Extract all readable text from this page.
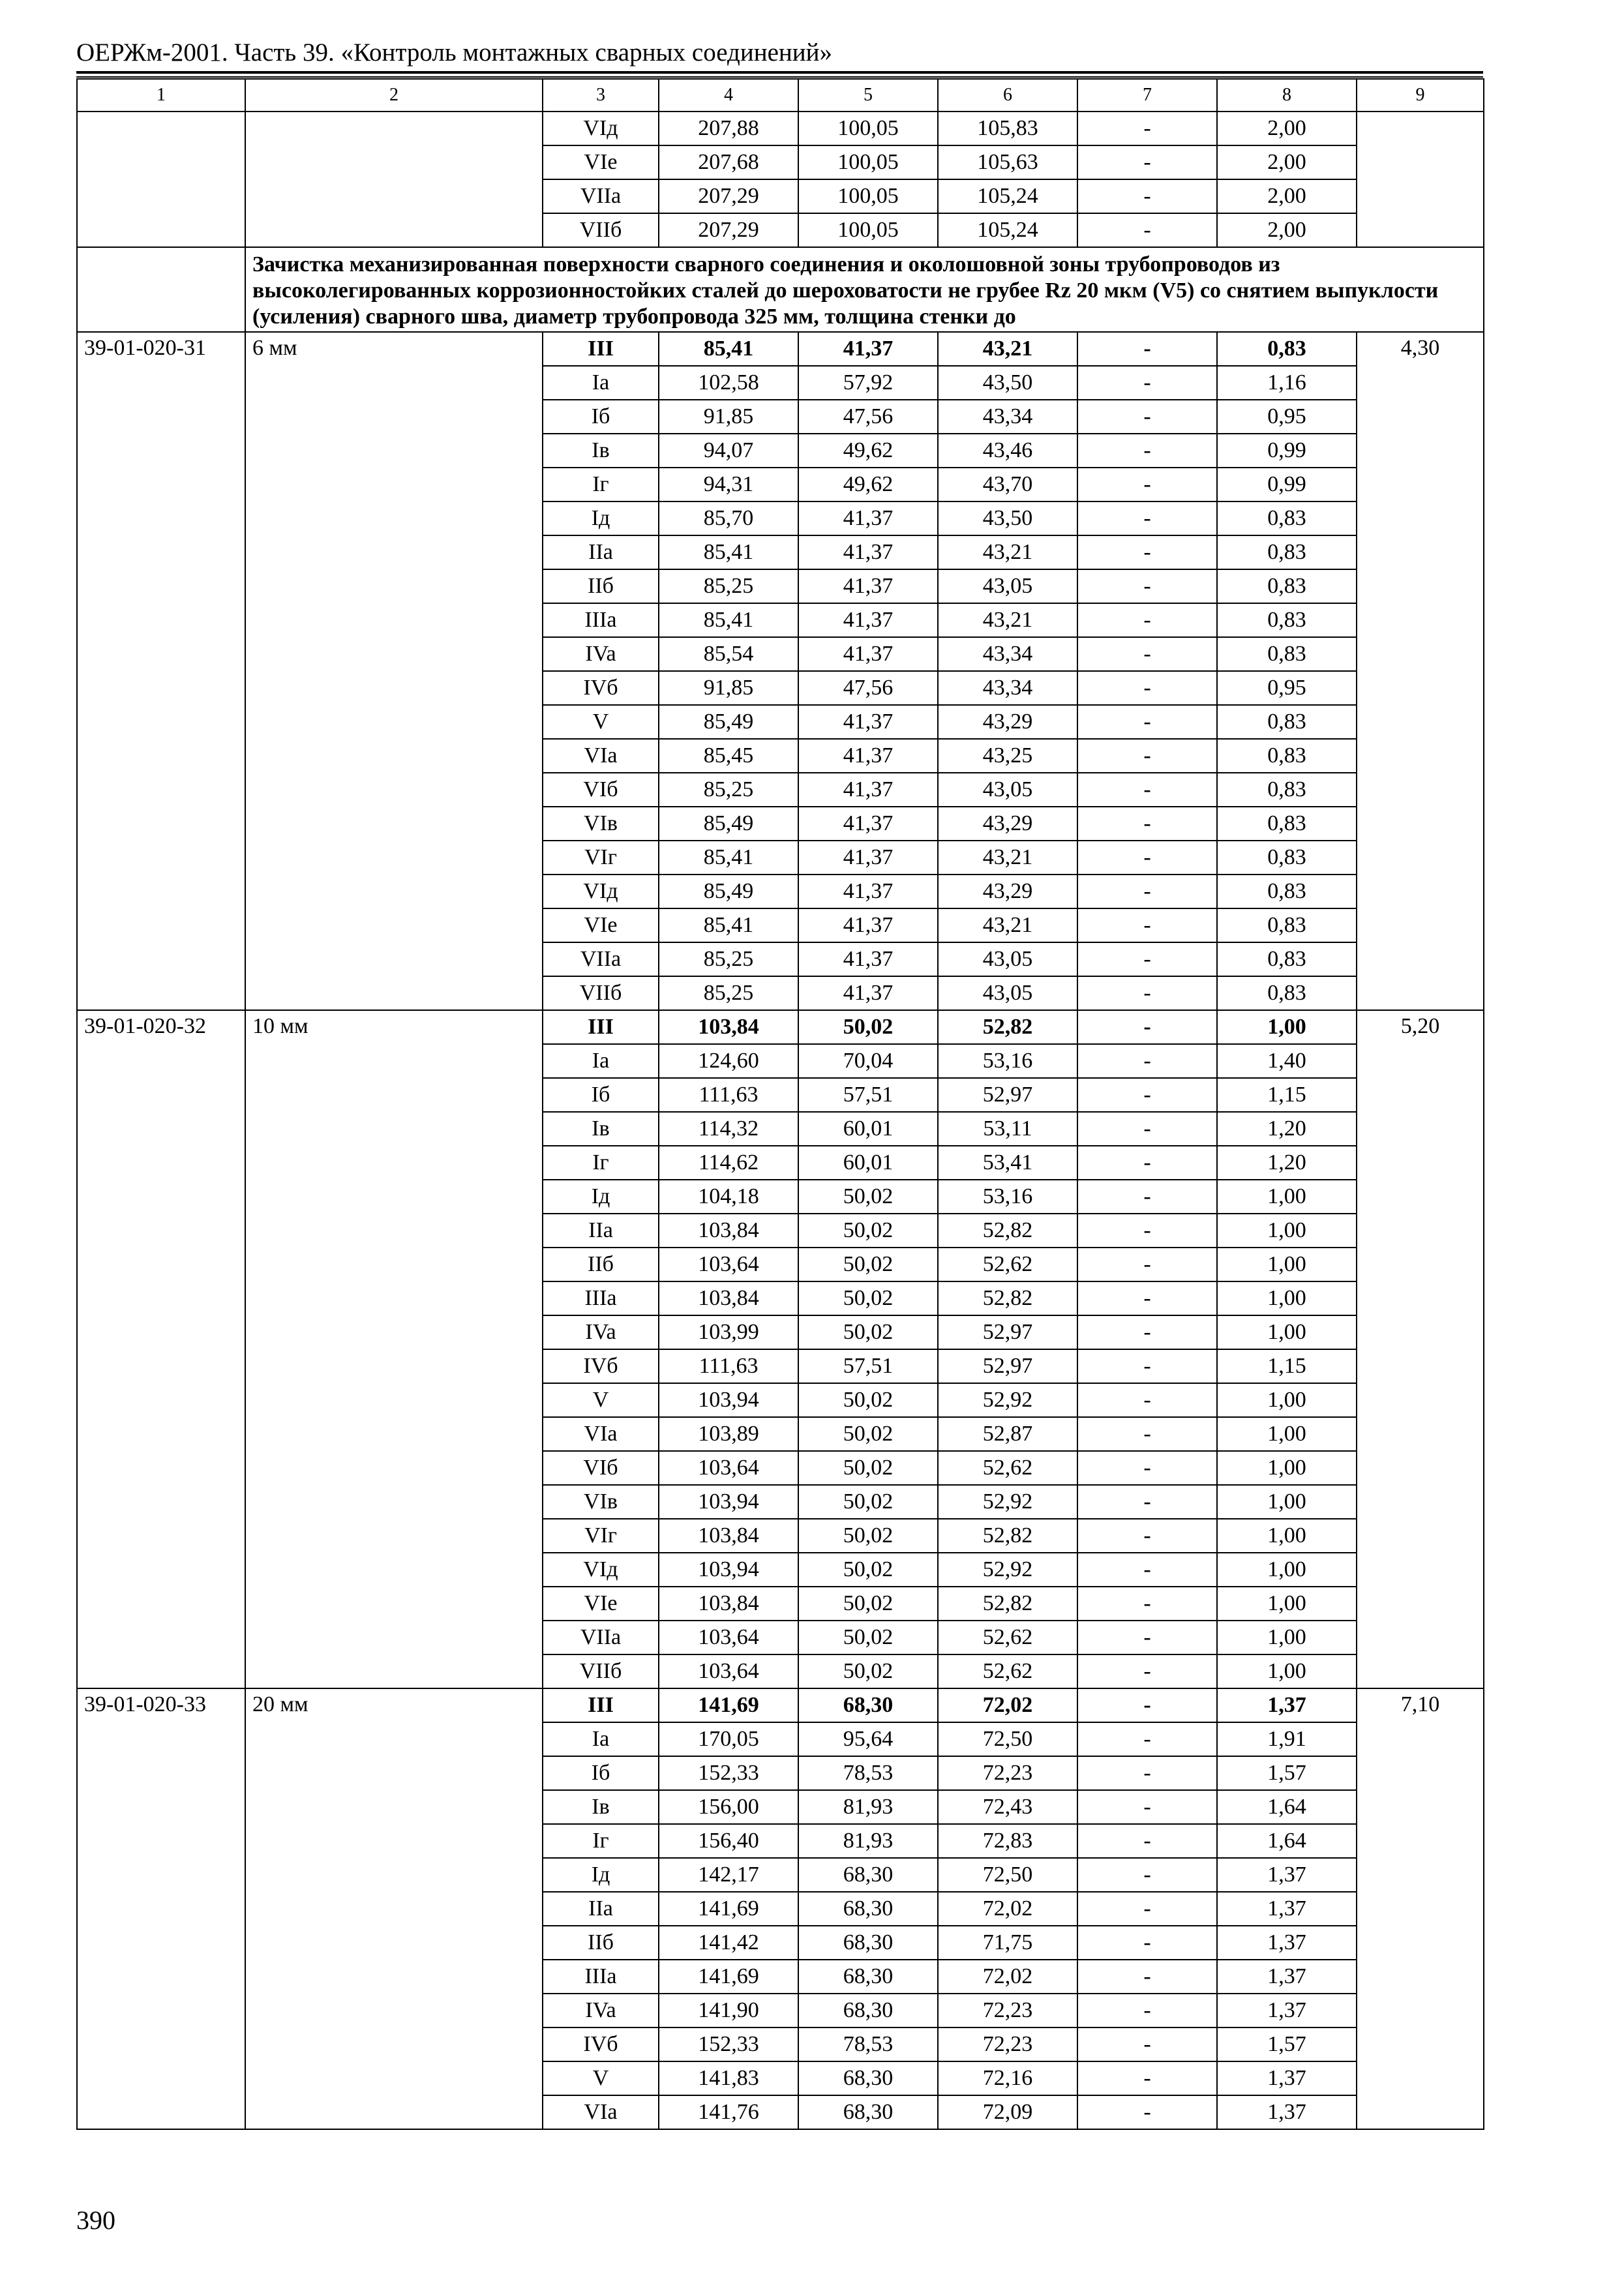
ОЕРЖм-2001. Часть 39. «Контроль монтажных сварных соединений»
1	2	3	4	5	6	7	8	9
		VIд	207,88	100,05	105,83	-	2,00	
		VIe	207,68	100,05	105,63	-	2,00	
		VIIa	207,29	100,05	105,24	-	2,00	
		VIIб	207,29	100,05	105,24	-	2,00	
	Зачистка механизированная поверхности сварного соединения и околошовной зоны трубопроводов из высоколегированных коррозионностойких сталей до шероховатости не грубее Rz 20 мкм (V5) со снятием выпуклости (усиления) сварного шва, диаметр трубопровода 325 мм, толщина стенки до							
39-01-020-31	6 мм	III	85,41	41,37	43,21	-	0,83	4,30
		Ia	102,58	57,92	43,50	-	1,16	
		Iб	91,85	47,56	43,34	-	0,95	
		Iв	94,07	49,62	43,46	-	0,99	
		Iг	94,31	49,62	43,70	-	0,99	
		Iд	85,70	41,37	43,50	-	0,83	
		IIa	85,41	41,37	43,21	-	0,83	
		IIб	85,25	41,37	43,05	-	0,83	
		IIIa	85,41	41,37	43,21	-	0,83	
		IVa	85,54	41,37	43,34	-	0,83	
		IVб	91,85	47,56	43,34	-	0,95	
		V	85,49	41,37	43,29	-	0,83	
		VIa	85,45	41,37	43,25	-	0,83	
		VIб	85,25	41,37	43,05	-	0,83	
		VIв	85,49	41,37	43,29	-	0,83	
		VIг	85,41	41,37	43,21	-	0,83	
		VIд	85,49	41,37	43,29	-	0,83	
		VIe	85,41	41,37	43,21	-	0,83	
		VIIa	85,25	41,37	43,05	-	0,83	
		VIIб	85,25	41,37	43,05	-	0,83	
39-01-020-32	10 мм	III	103,84	50,02	52,82	-	1,00	5,20
		Ia	124,60	70,04	53,16	-	1,40	
		Iб	111,63	57,51	52,97	-	1,15	
		Iв	114,32	60,01	53,11	-	1,20	
		Iг	114,62	60,01	53,41	-	1,20	
		Iд	104,18	50,02	53,16	-	1,00	
		IIa	103,84	50,02	52,82	-	1,00	
		IIб	103,64	50,02	52,62	-	1,00	
		IIIa	103,84	50,02	52,82	-	1,00	
		IVa	103,99	50,02	52,97	-	1,00	
		IVб	111,63	57,51	52,97	-	1,15	
		V	103,94	50,02	52,92	-	1,00	
		VIa	103,89	50,02	52,87	-	1,00	
		VIб	103,64	50,02	52,62	-	1,00	
		VIв	103,94	50,02	52,92	-	1,00	
		VIг	103,84	50,02	52,82	-	1,00	
		VIд	103,94	50,02	52,92	-	1,00	
		VIe	103,84	50,02	52,82	-	1,00	
		VIIa	103,64	50,02	52,62	-	1,00	
		VIIб	103,64	50,02	52,62	-	1,00	
39-01-020-33	20 мм	III	141,69	68,30	72,02	-	1,37	7,10
		Ia	170,05	95,64	72,50	-	1,91	
		Iб	152,33	78,53	72,23	-	1,57	
		Iв	156,00	81,93	72,43	-	1,64	
		Iг	156,40	81,93	72,83	-	1,64	
		Iд	142,17	68,30	72,50	-	1,37	
		IIa	141,69	68,30	72,02	-	1,37	
		IIб	141,42	68,30	71,75	-	1,37	
		IIIa	141,69	68,30	72,02	-	1,37	
		IVa	141,90	68,30	72,23	-	1,37	
		IVб	152,33	78,53	72,23	-	1,57	
		V	141,83	68,30	72,16	-	1,37	
		VIa	141,76	68,30	72,09	-	1,37	
390
